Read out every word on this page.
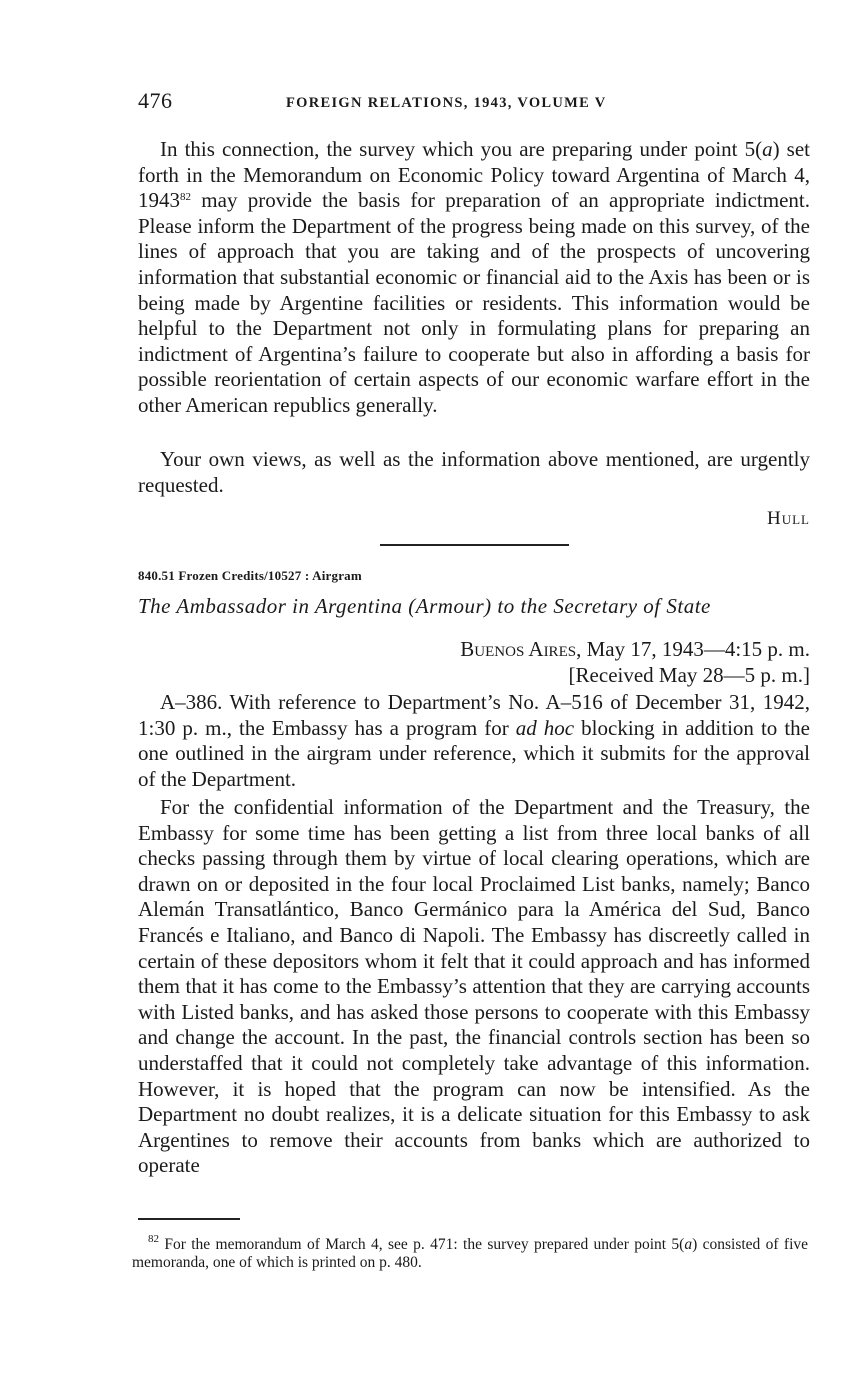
476	FOREIGN RELATIONS, 1943, VOLUME V

In this connection, the survey which you are preparing under point 5(a) set forth in the Memorandum on Economic Policy toward Argentina of March 4, 1943$^{82}$ may provide the basis for preparation of an appropriate indictment. Please inform the Department of the progress being made on this survey, of the lines of approach that you are taking and of the prospects of uncovering information that substantial economic or financial aid to the Axis has been or is being made by Argentine facilities or residents. This information would be helpful to the Department not only in formulating plans for preparing an indictment of Argentina’s failure to cooperate but also in affording a basis for possible reorientation of certain aspects of our economic warfare effort in the other American republics generally.

Your own views, as well as the information above mentioned, are urgently requested.

Hull
840.51 Frozen Credits/10527 : Airgram
The Ambassador in Argentina (Armour) to the Secretary of State
Buenos Aires, May 17, 1943—4:15 p. m.
[Received May 28—5 p. m.]

A–386. With reference to Department’s No. A–516 of December 31, 1942, 1:30 p. m., the Embassy has a program for ad hoc blocking in addition to the one outlined in the airgram under reference, which it submits for the approval of the Department.

For the confidential information of the Department and the Treasury, the Embassy for some time has been getting a list from three local banks of all checks passing through them by virtue of local clearing operations, which are drawn on or deposited in the four local Proclaimed List banks, namely; Banco Alemán Transatlántico, Banco Germánico para la América del Sud, Banco Francés e Italiano, and Banco di Napoli. The Embassy has discreetly called in certain of these depositors whom it felt that it could approach and has informed them that it has come to the Embassy’s attention that they are carrying accounts with Listed banks, and has asked those persons to cooperate with this Embassy and change the account. In the past, the financial controls section has been so understaffed that it could not completely take advantage of this information. However, it is hoped that the program can now be intensified. As the Department no doubt realizes, it is a delicate situation for this Embassy to ask Argentines to remove their accounts from banks which are authorized to operate

$^{82}$ For the memorandum of March 4, see p. 471: the survey prepared under point 5(a) consisted of five memoranda, one of which is printed on p. 480.
